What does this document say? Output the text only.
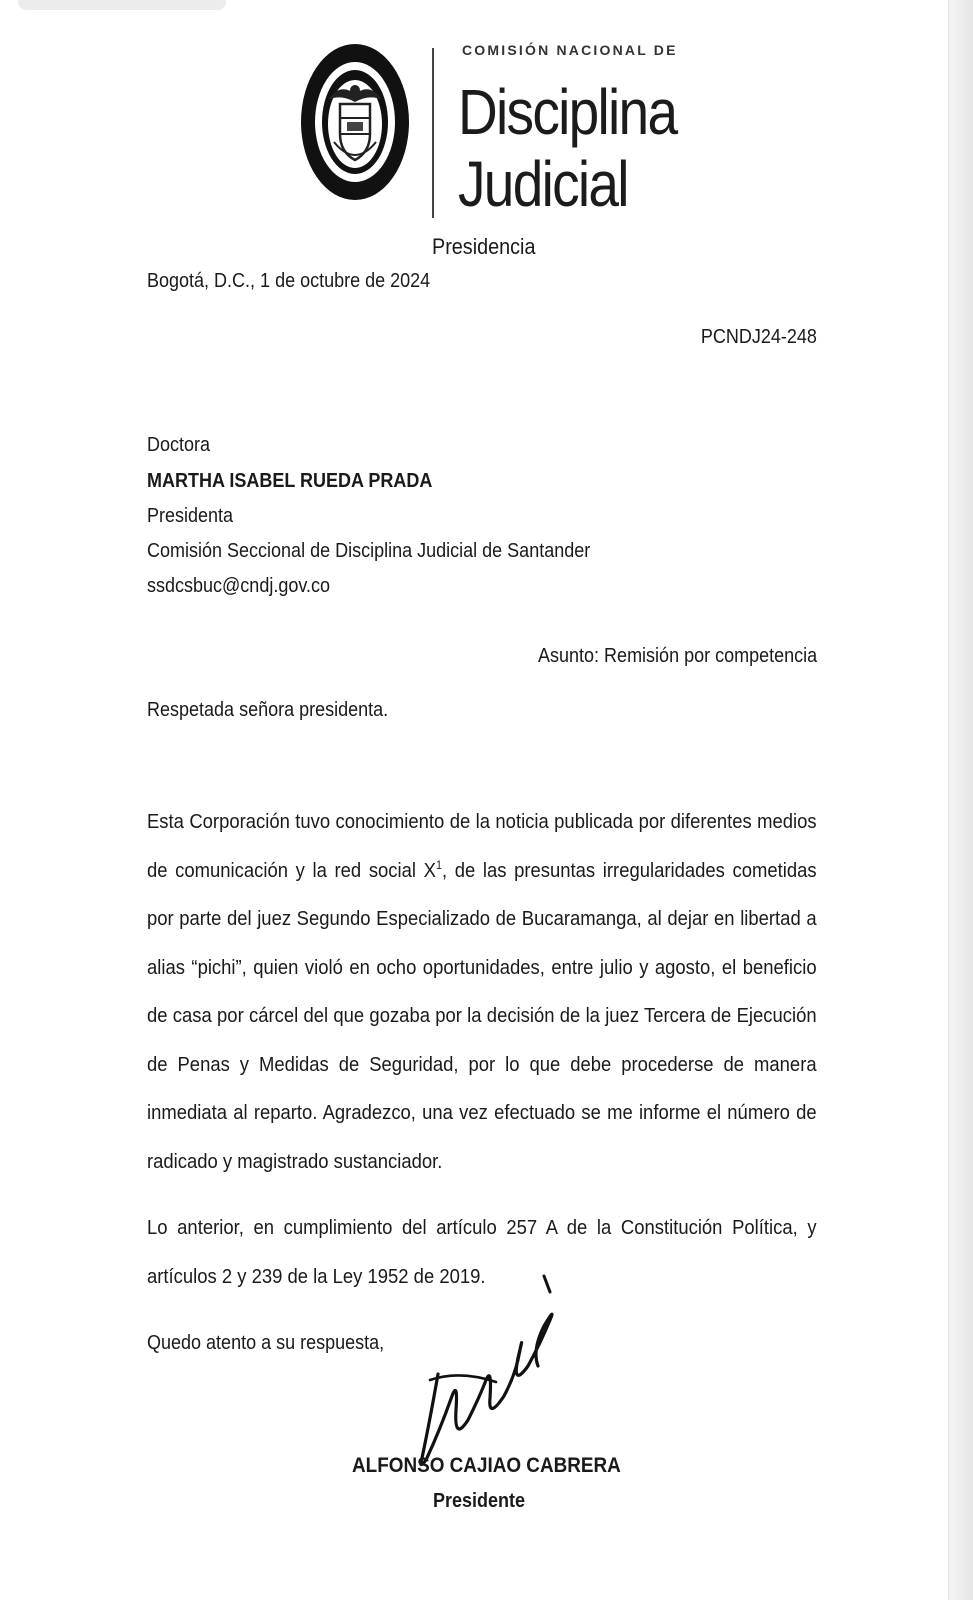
COMISIÓN NACIONAL DE
Disciplina
Judicial
Presidencia
Bogotá, D.C., 1 de octubre de 2024
PCNDJ24-248
Doctora
MARTHA ISABEL RUEDA PRADA
Presidenta
Comisión Seccional de Disciplina Judicial de Santander
ssdcsbuc@cndj.gov.co
Asunto: Remisión por competencia
Respetada señora presidenta.
Esta Corporación tuvo conocimiento de la noticia publicada por diferentes medios de comunicación y la red social $X^1$, de las presuntas irregularidades cometidas por parte del juez Segundo Especializado de Bucaramanga, al dejar en libertad a alias “pichi”, quien violó en ocho oportunidades, entre julio y agosto, el beneficio de casa por cárcel del que gozaba por la decisión de la juez Tercera de Ejecución de Penas y Medidas de Seguridad, por lo que debe procederse de manera inmediata al reparto. Agradezco, una vez efectuado se me informe el número de radicado y magistrado sustanciador.
Lo anterior, en cumplimiento del artículo 257 A de la Constitución Política, y artículos 2 y 239 de la Ley 1952 de 2019.
Quedo atento a su respuesta,
ALFONSO CAJIAO CABRERA
Presidente
